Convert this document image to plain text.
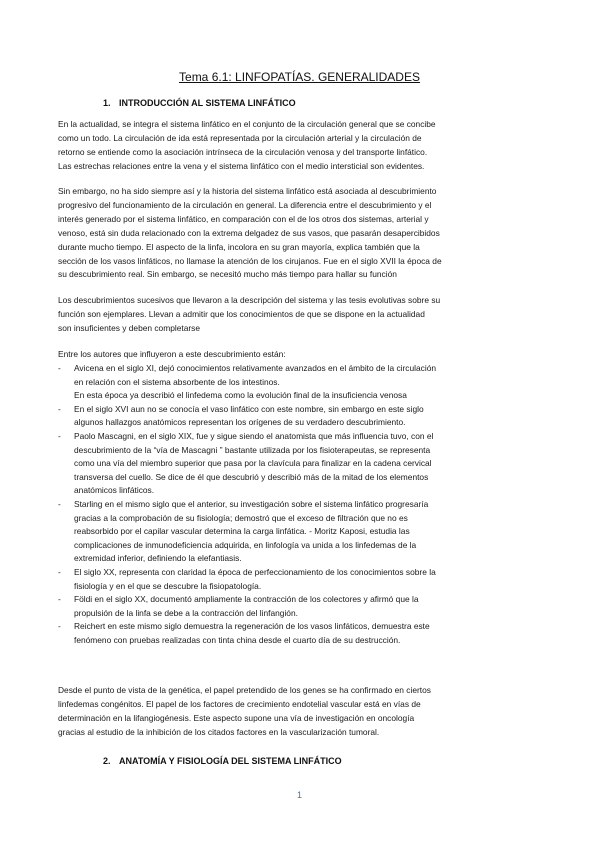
Tema 6.1: LINFOPATÍAS. GENERALIDADES
1. INTRODUCCIÓN AL SISTEMA LINFÁTICO
En la actualidad, se integra el sistema linfático en el conjunto de la circulación general que se concibe
como un todo. La circulación de ida está representada por la circulación arterial y la circulación de
retorno se entiende como la asociación intrínseca de la circulación venosa y del transporte linfático.
Las estrechas relaciones entre la vena y el sistema linfático con el medio intersticial son evidentes.
Sin embargo, no ha sido siempre así y la historia del sistema linfático está asociada al descubrimiento
progresivo del funcionamiento de la circulación en general. La diferencia entre el descubrimiento y el
interés generado por el sistema linfático, en comparación con el de los otros dos sistemas, arterial y
venoso, está sin duda relacionado con la extrema delgadez de sus vasos, que pasarán desapercibidos
durante mucho tiempo. El aspecto de la linfa, incolora en su gran mayoría, explica también que la
sección de los vasos linfáticos, no llamase la atención de los cirujanos. Fue en el siglo XVII la época de
su descubrimiento real. Sin embargo, se necesitó mucho más tiempo para hallar su función
Los descubrimientos sucesivos que llevaron a la descripción del sistema y las tesis evolutivas sobre su
función son ejemplares. Llevan a admitir que los conocimientos de que se dispone en la actualidad
son insuficientes y deben completarse
Entre los autores que influyeron a este descubrimiento están:
- Avicena en el siglo XI, dejó conocimientos relativamente avanzados en el ámbito de la circulación
en relación con el sistema absorbente de los intestinos.
En esta época ya describió el linfedema como la evolución final de la insuficiencia venosa
- En el siglo XVI aun no se conocía el vaso linfático con este nombre, sin embargo en este siglo
algunos hallazgos anatómicos representan los orígenes de su verdadero descubrimiento.
- Paolo Mascagni, en el siglo XIX, fue y sigue siendo el anatomista que más influencia tuvo, con el
descubrimiento de la “vía de Mascagni ” bastante utilizada por los fisioterapeutas, se representa
como una vía del miembro superior que pasa por la clavícula para finalizar en la cadena cervical
transversa del cuello. Se dice de él que descubrió y describió más de la mitad de los elementos
anatómicos linfáticos.
- Starling en el mismo siglo que el anterior, su investigación sobre el sistema linfático progresaría
gracias a la comprobación de su fisiología; demostró que el exceso de filtración que no es
reabsorbido por el capilar vascular determina la carga linfática. - Moritz Kaposi, estudia las
complicaciones de inmunodeficiencia adquirida, en linfología va unida a los linfedemas de la
extremidad inferior, definiendo la elefantiasis.
- El siglo XX, representa con claridad la época de perfeccionamiento de los conocimientos sobre la
fisiología y en el que se descubre la fisiopatología.
- Földi en el siglo XX, documentó ampliamente la contracción de los colectores y afirmó que la
propulsión de la linfa se debe a la contracción del linfangión.
- Reichert en este mismo siglo demuestra la regeneración de los vasos linfáticos, demuestra este
fenómeno con pruebas realizadas con tinta china desde el cuarto día de su destrucción.
Desde el punto de vista de la genética, el papel pretendido de los genes se ha confirmado en ciertos
linfedemas congénitos. El papel de los factores de crecimiento endotelial vascular está en vías de
determinación en la lifangiogénesis. Este aspecto supone una vía de investigación en oncología
gracias al estudio de la inhibición de los citados factores en la vascularización tumoral.
2. ANATOMÍA Y FISIOLOGÍA DEL SISTEMA LINFÁTICO
1
